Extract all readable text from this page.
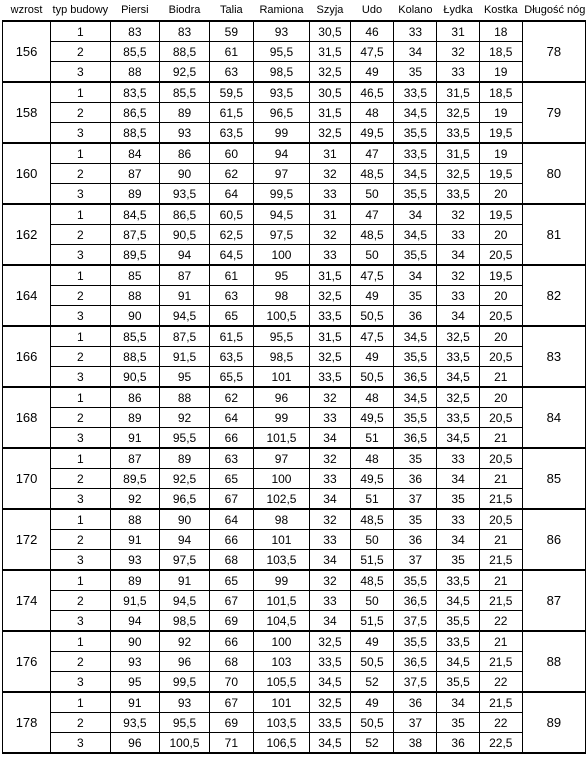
wzrost	typ budowy	Piersi	Biodra	Talia	Ramiona	Szyja	Udo	Kolano	Łydka	Kostka	Długość nóg
156	1	83	83	59	93	30,5	46	33	31	18	78
	2	85,5	88,5	61	95,5	31,5	47,5	34	32	18,5	
	3	88	92,5	63	98,5	32,5	49	35	33	19	
158	1	83,5	85,5	59,5	93,5	30,5	46,5	33,5	31,5	18,5	79
	2	86,5	89	61,5	96,5	31,5	48	34,5	32,5	19	
	3	88,5	93	63,5	99	32,5	49,5	35,5	33,5	19,5	
160	1	84	86	60	94	31	47	33,5	31,5	19	80
	2	87	90	62	97	32	48,5	34,5	32,5	19,5	
	3	89	93,5	64	99,5	33	50	35,5	33,5	20	
162	1	84,5	86,5	60,5	94,5	31	47	34	32	19,5	81
	2	87,5	90,5	62,5	97,5	32	48,5	34,5	33	20	
	3	89,5	94	64,5	100	33	50	35,5	34	20,5	
164	1	85	87	61	95	31,5	47,5	34	32	19,5	82
	2	88	91	63	98	32,5	49	35	33	20	
	3	90	94,5	65	100,5	33,5	50,5	36	34	20,5	
166	1	85,5	87,5	61,5	95,5	31,5	47,5	34,5	32,5	20	83
	2	88,5	91,5	63,5	98,5	32,5	49	35,5	33,5	20,5	
	3	90,5	95	65,5	101	33,5	50,5	36,5	34,5	21	
168	1	86	88	62	96	32	48	34,5	32,5	20	84
	2	89	92	64	99	33	49,5	35,5	33,5	20,5	
	3	91	95,5	66	101,5	34	51	36,5	34,5	21	
170	1	87	89	63	97	32	48	35	33	20,5	85
	2	89,5	92,5	65	100	33	49,5	36	34	21	
	3	92	96,5	67	102,5	34	51	37	35	21,5	
172	1	88	90	64	98	32	48,5	35	33	20,5	86
	2	91	94	66	101	33	50	36	34	21	
	3	93	97,5	68	103,5	34	51,5	37	35	21,5	
174	1	89	91	65	99	32	48,5	35,5	33,5	21	87
	2	91,5	94,5	67	101,5	33	50	36,5	34,5	21,5	
	3	94	98,5	69	104,5	34	51,5	37,5	35,5	22	
176	1	90	92	66	100	32,5	49	35,5	33,5	21	88
	2	93	96	68	103	33,5	50,5	36,5	34,5	21,5	
	3	95	99,5	70	105,5	34,5	52	37,5	35,5	22	
178	1	91	93	67	101	32,5	49	36	34	21,5	89
	2	93,5	95,5	69	103,5	33,5	50,5	37	35	22	
	3	96	100,5	71	106,5	34,5	52	38	36	22,5	
